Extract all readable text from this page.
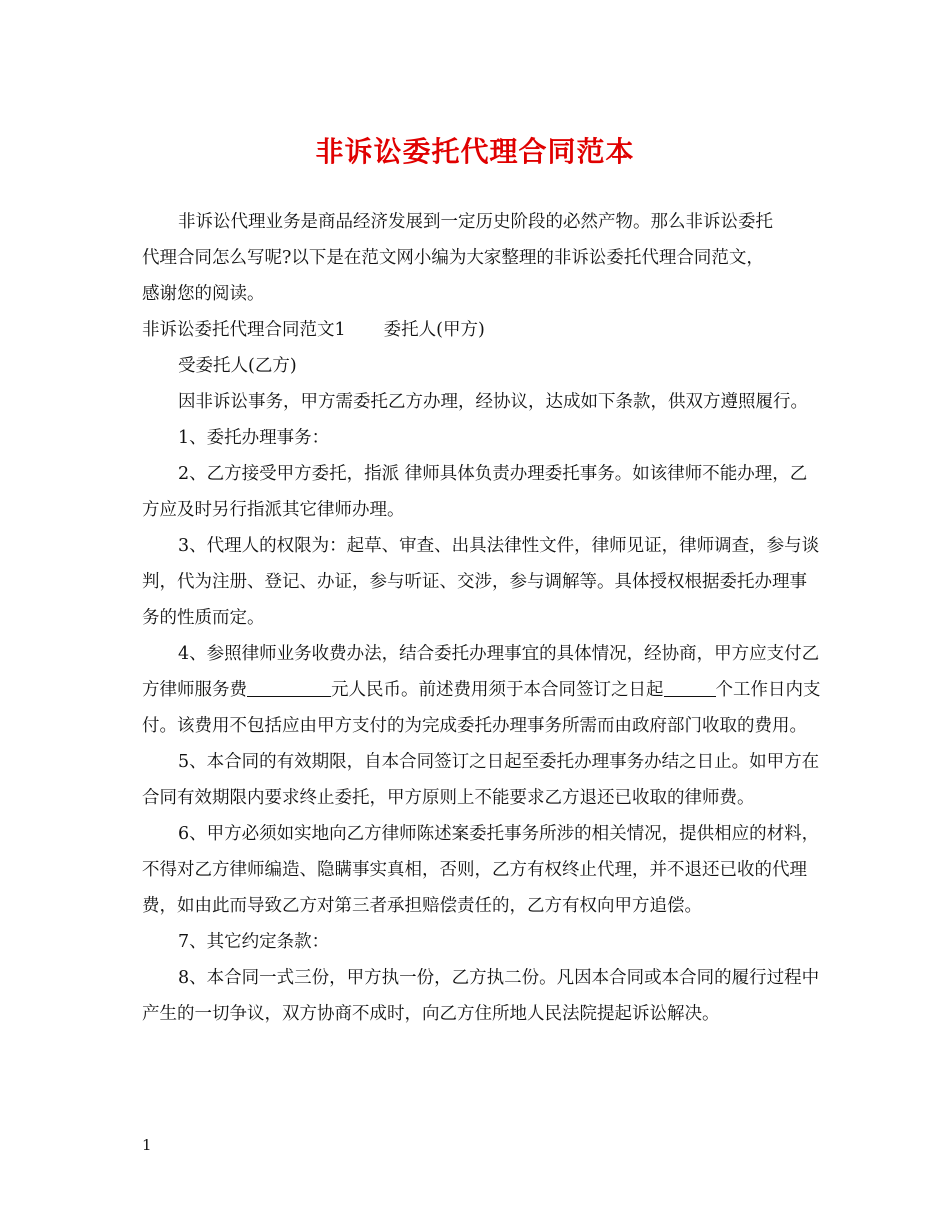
非诉讼委托代理合同范本
非诉讼代理业务是商品经济发展到一定历史阶段的必然产物。那么非诉讼委托
代理合同怎么写呢?以下是在范文网小编为大家整理的非诉讼委托代理合同范文，
感谢您的阅读。
非诉讼委托代理合同范文1 委托人(甲方)
受委托人(乙方)
因非诉讼事务，甲方需委托乙方办理，经协议，达成如下条款，供双方遵照履行。
1、委托办理事务：
2、乙方接受甲方委托，指派 律师具体负责办理委托事务。如该律师不能办理，乙方应及时另行指派其它律师办理。
3、代理人的权限为：起草、审查、出具法律性文件，律师见证，律师调查，参与谈判，代为注册、登记、办证，参与听证、交涉，参与调解等。具体授权根据委托办理事务的性质而定。
4、参照律师业务收费办法，结合委托办理事宜的具体情况，经协商，甲方应支付乙方律师服务费	元人民币。前述费用须于本合同签订之日起	个工作日内支付。该费用不包括应由甲方支付的为完成委托办理事务所需而由政府部门收取的费用。
5、本合同的有效期限，自本合同签订之日起至委托办理事务办结之日止。如甲方在合同有效期限内要求终止委托，甲方原则上不能要求乙方退还已收取的律师费。
6、甲方必须如实地向乙方律师陈述案委托事务所涉的相关情况，提供相应的材料，不得对乙方律师编造、隐瞒事实真相，否则，乙方有权终止代理，并不退还已收的代理费，如由此而导致乙方对第三者承担赔偿责任的，乙方有权向甲方追偿。
7、其它约定条款：
8、本合同一式三份，甲方执一份，乙方执二份。凡因本合同或本合同的履行过程中产生的一切争议，双方协商不成时，向乙方住所地人民法院提起诉讼解决。
1
